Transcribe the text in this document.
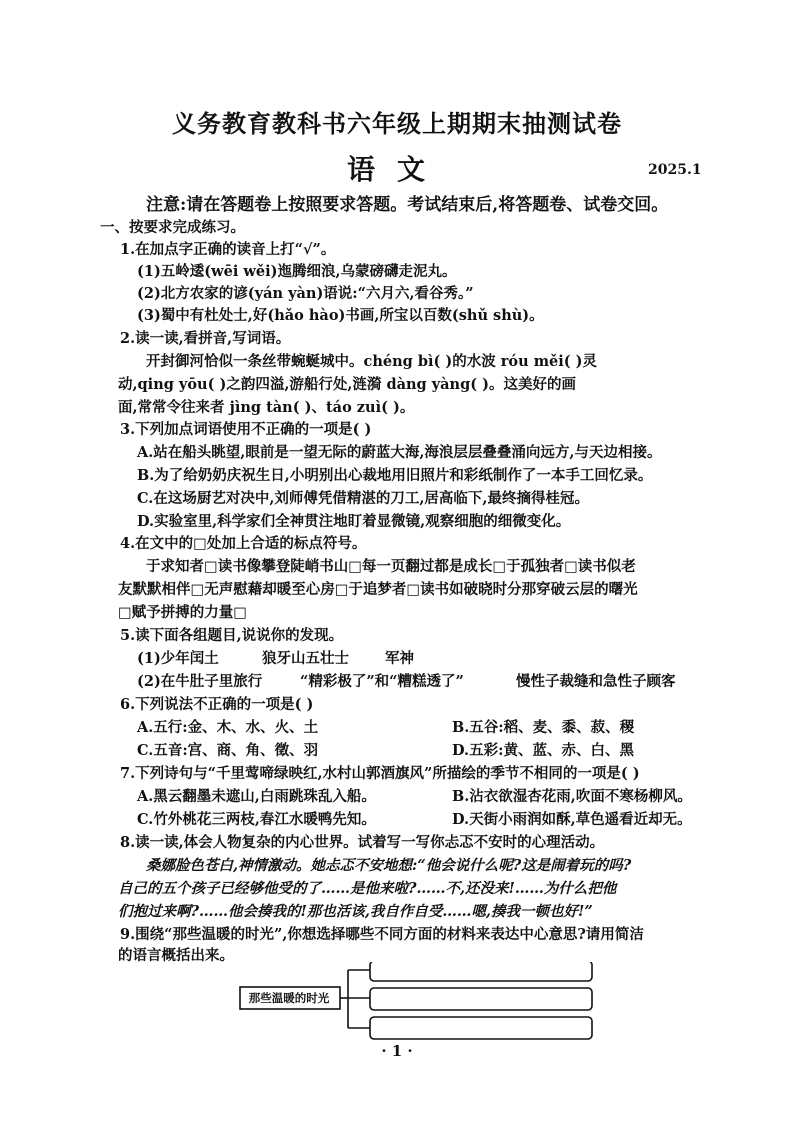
义务教育教科书六年级上期期末抽测试卷
语文	2025.1
注意:请在答题卷上按照要求答题。考试结束后,将答题卷、试卷交回。
一、按要求完成练习。
1.在加点字正确的读音上打“√”。
(1)五岭逶(wēi wěi)迤腾细浪,乌蒙磅礴走泥丸。
(2)北方农家的谚(yán yàn)语说:“六月六,看谷秀。”
(3)蜀中有杜处士,好(hǎo hào)书画,所宝以百数(shǔ shù)。
2.读一读,看拼音,写词语。
开封御河恰似一条丝带蜿蜒城中。chéng bì( )的水波 róu měi( )灵
动,qing yōu( )之韵四溢,游船行处,涟漪 dàng yàng( )。这美好的画
面,常常令往来者 jìng tàn( )、táo zuì( )。
3.下列加点词语使用不正确的一项是( )
A.站在船头眺望,眼前是一望无际的蔚蓝大海,海浪层层叠叠涌向远方,与天边相接。
B.为了给奶奶庆祝生日,小明别出心裁地用旧照片和彩纸制作了一本手工回忆录。
C.在这场厨艺对决中,刘师傅凭借精湛的刀工,居高临下,最终摘得桂冠。
D.实验室里,科学家们全神贯注地盯着显微镜,观察细胞的细微变化。
4.在文中的□处加上合适的标点符号。
于求知者□读书像攀登陡峭书山□每一页翻过都是成长□于孤独者□读书似老
友默默相伴□无声慰藉却暖至心房□于追梦者□读书如破晓时分那穿破云层的曙光
□赋予拼搏的力量□
5.读下面各组题目,说说你的发现。
(1)少年闰土	狼牙山五壮士 军神
(2)在牛肚子里旅行	“精彩极了”和“糟糕透了”	慢性子裁缝和急性子顾客
6.下列说法不正确的一项是( )
A.五行:金、木、水、火、土	B.五谷:稻、麦、黍、菽、稷
C.五音:宫、商、角、徵、羽	D.五彩:黄、蓝、赤、白、黑
7.下列诗句与“千里莺啼绿映红,水村山郭酒旗风”所描绘的季节不相同的一项是( )
A.黑云翻墨未遮山,白雨跳珠乱入船。	B.沾衣欲湿杏花雨,吹面不寒杨柳风。
C.竹外桃花三两枝,春江水暖鸭先知。	D.天街小雨润如酥,草色遥看近却无。
8.读一读,体会人物复杂的内心世界。试着写一写你忐忑不安时的心理活动。
桑娜脸色苍白,神情激动。她忐忑不安地想:“他会说什么呢?这是闹着玩的吗?
自己的五个孩子已经够他受的了……是他来啦?……不,还没来!……为什么把他
们抱过来啊?……他会揍我的!那也活该,我自作自受……嗯,揍我一顿也好!”
9.围绕“那些温暖的时光”,你想选择哪些不同方面的材料来表达中心意思?请用简洁
的语言概括出来。
那些温暖的时光
· 1 ·
